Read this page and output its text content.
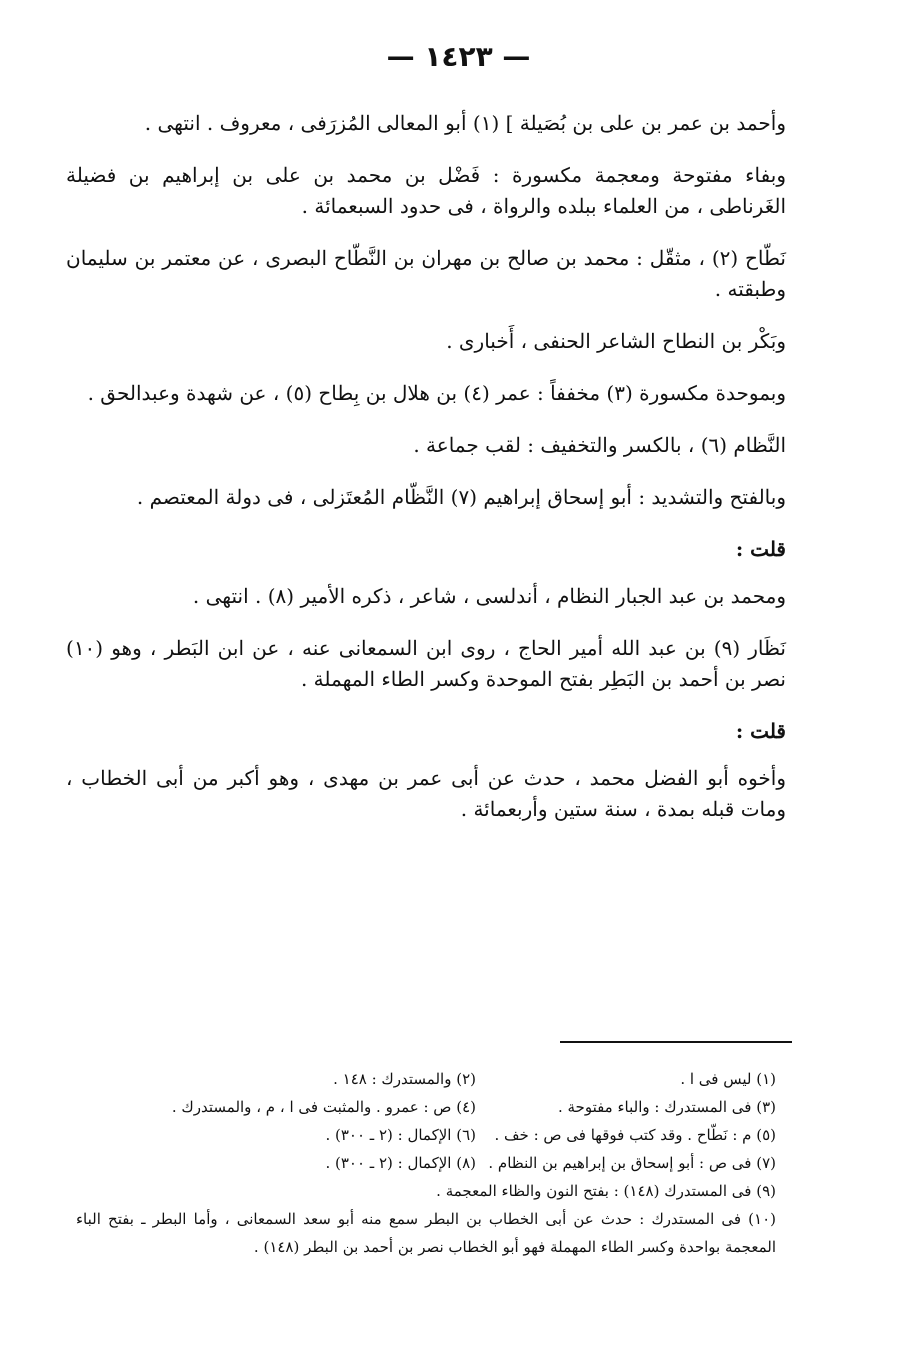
— ١٤٢٣ —

وأحمد بن عمر بن على بن بُصَيلة ] (١) أبو المعالى المُزرَفى ، معروف . انتهى .

وبفاء مفتوحة ومعجمة مكسورة : فَضْل بن محمد بن على بن إبراهيم بن فضيلة الغَرناطى ، من العلماء ببلده والرواة ، فى حدود السبعمائة .

نَطّاح (٢) ، مثقّل : محمد بن صالح بن مهران بن النَّطّاح البصرى ، عن معتمر بن سليمان وطبقته .

وبَكْر بن النطاح الشاعر الحنفى ، أَخبارى .

وبموحدة مكسورة (٣) مخففاً : عمر (٤) بن هلال بن بِطاح (٥) ، عن شهدة وعبدالحق .

النَّظام (٦) ، بالكسر والتخفيف : لقب جماعة .

وبالفتح والتشديد : أبو إسحاق إبراهيم (٧) النَّظّام المُعتَزلى ، فى دولة المعتصم .

قلت :

ومحمد بن عبد الجبار النظام ، أندلسى ، شاعر ، ذكره الأمير (٨) . انتهى .

نَظَار (٩) بن عبد الله أمير الحاج ، روى ابن السمعانى عنه ، عن ابن البَطر ، وهو (١٠) نصر بن أحمد بن البَطِر بفتح الموحدة وكسر الطاء المهملة .

قلت :

وأخوه أبو الفضل محمد ، حدث عن أبى عمر بن مهدى ، وهو أكبر من أبى الخطاب ، ومات قبله بمدة ، سنة ستين وأربعمائة .

(١) ليس فى ا .
(٢) والمستدرك : ١٤٨ .
(٣) فى المستدرك : والباء مفتوحة .
(٤) ص : عمرو . والمثبت فى ا ، م ، والمستدرك .
(٥) م : نَطّاح . وقد كتب فوقها فى ص : خف .
(٦) الإكمال : (٢ ـ ٣٠٠) .
(٧) فى ص : أبو إسحاق بن إبراهيم بن النظام .
(٨) الإكمال : (٢ ـ ٣٠٠) .
(٩) فى المستدرك (١٤٨) : بفتح النون والظاء المعجمة .
(١٠) فى المستدرك : حدث عن أبى الخطاب بن البطر سمع منه أبو سعد السمعانى ، وأما البطر ـ بفتح الباء المعجمة بواحدة وكسر الطاء المهملة فهو أبو الخطاب نصر بن أحمد بن البطر (١٤٨) .
